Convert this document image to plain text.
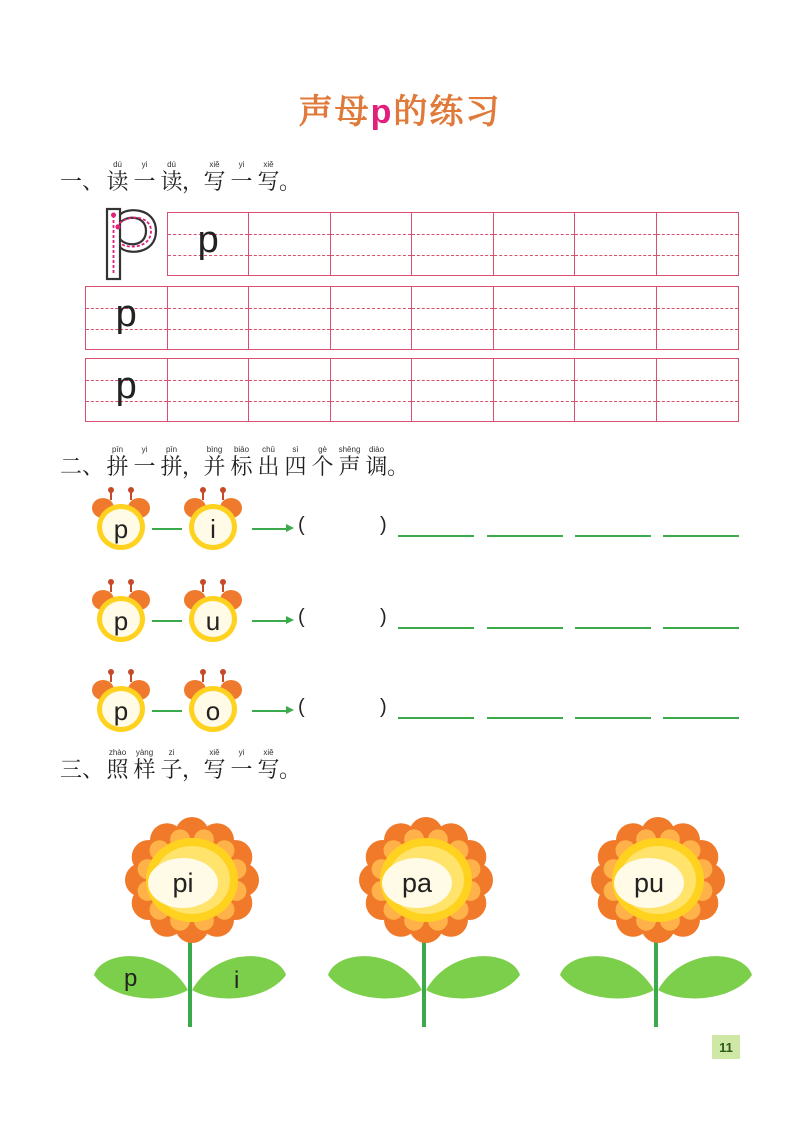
声母p的练习
一、
dú
读
yi
一
dú
读 ，
xiě
写
yi
一
xiě
写 。
p
p
p
二、
pīn
拼
yi
一
pīn
拼 ，
bìng
并
biāo
标
chū
出
sì
四
gè
个
shēng
声
diào
调 。
p	i	(	)
p	u	(	)
p	o	(	)
三、
zhào
照
yàng
样
zi
子 ，
xiě
写
yi
一
xiě
写 。
pi
p	i
pa	pu
11
